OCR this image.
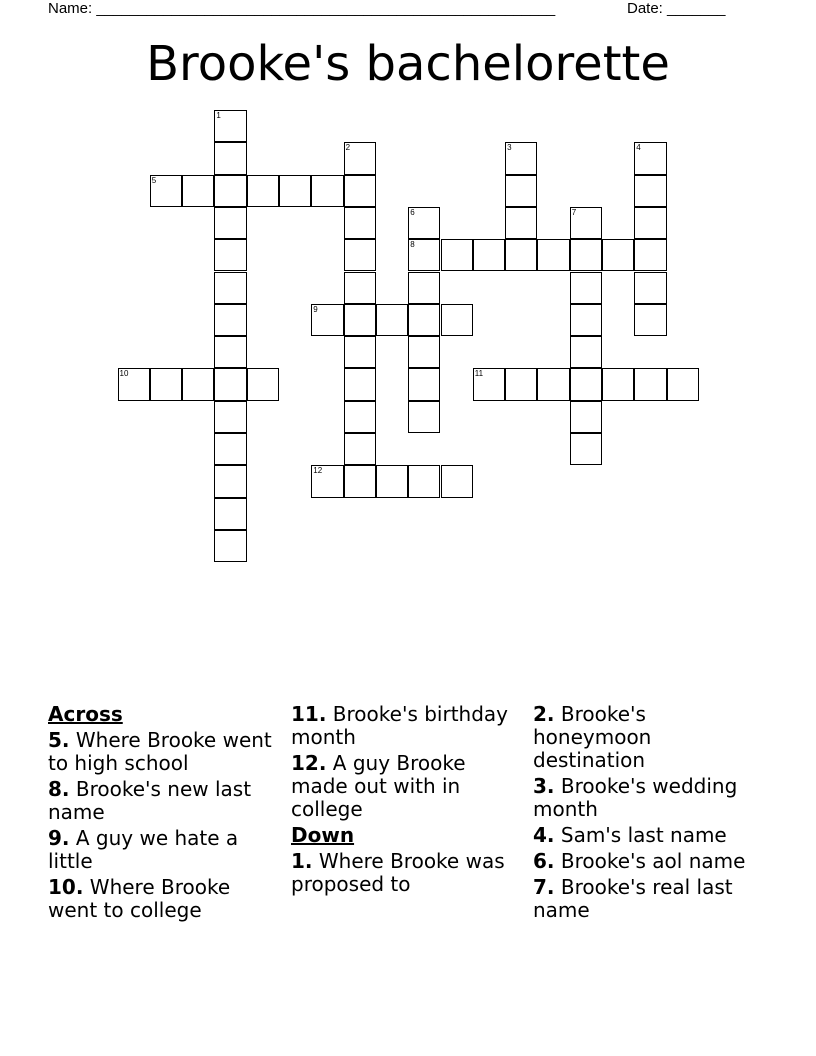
Name: _______________________________________________________	Date: _______
Brooke's bachelorette
1
2	3	4
5
6
8
7
9
10	11
12
Across
5. Where Brooke went to high school
8. Brooke's new last name
9. A guy we hate a little
10. Where Brooke went to college
11. Brooke's birthday month
12. A guy Brooke made out with in college
Down
1. Where Brooke was proposed to
2. Brooke's honeymoon destination
3. Brooke's wedding month
4. Sam's last name
6. Brooke's aol name
7. Brooke's real last name
